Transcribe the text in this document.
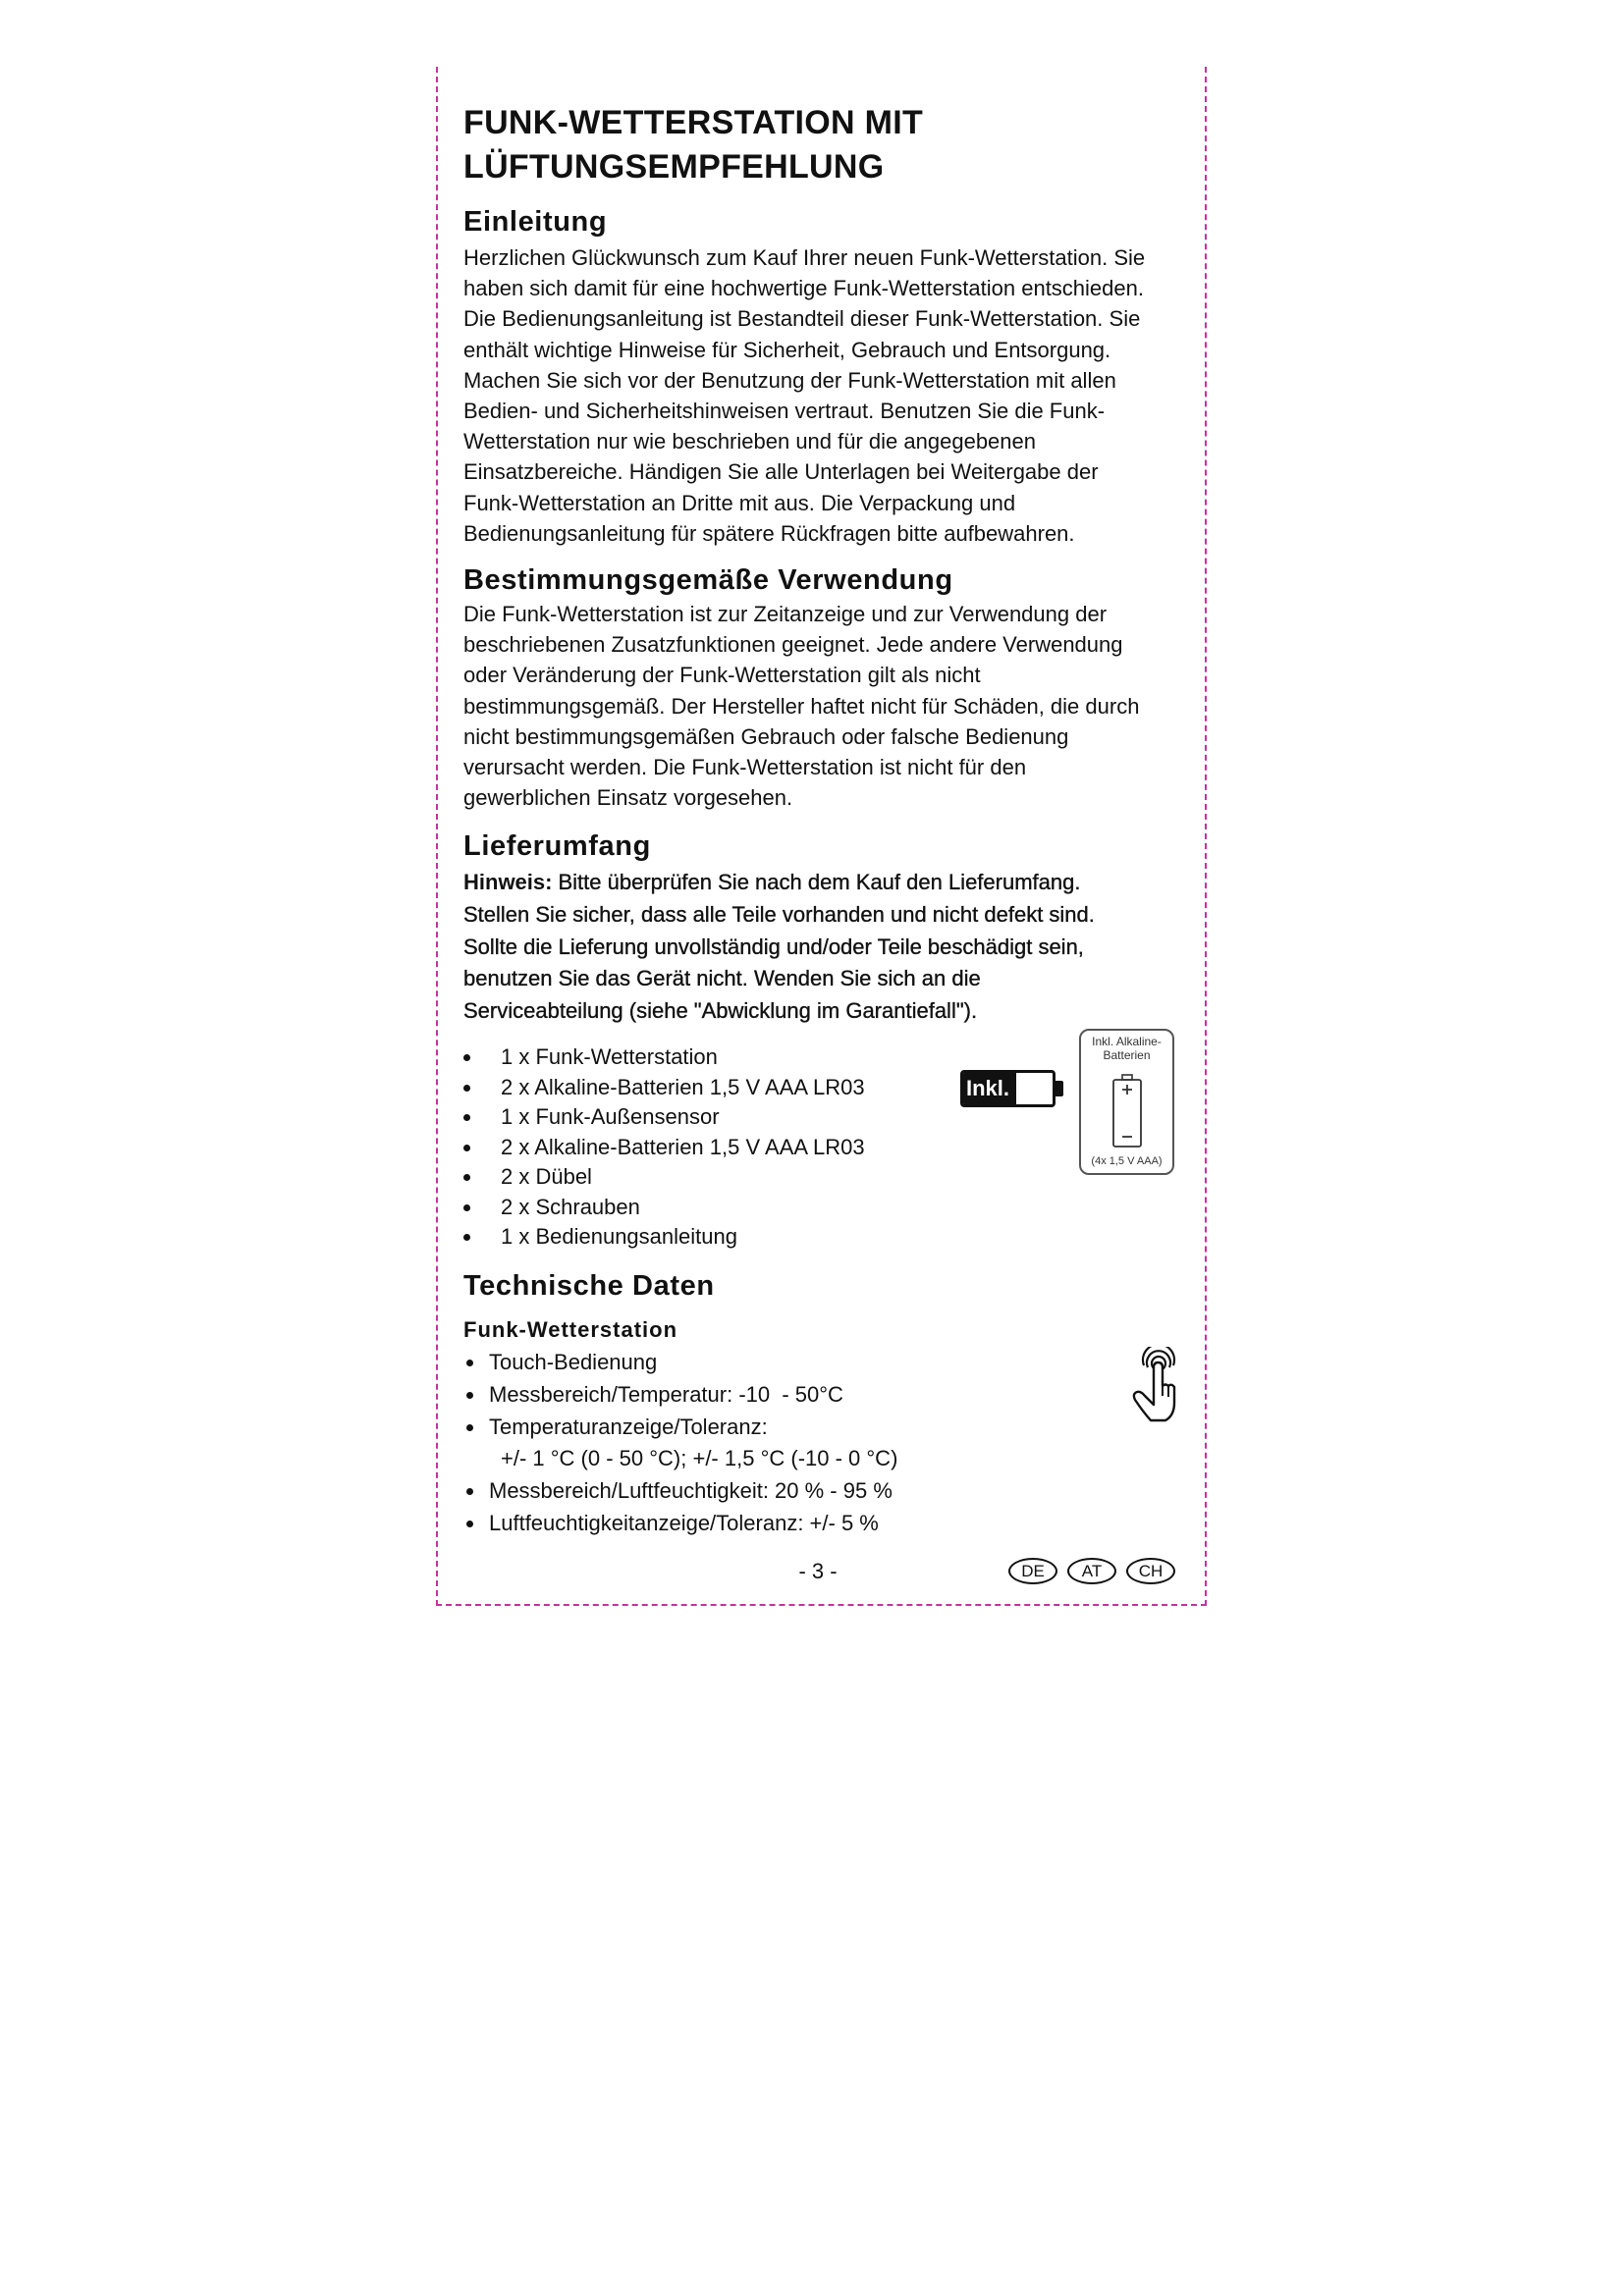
FUNK-WETTERSTATION MIT
LÜFTUNGSEMPFEHLUNG
Einleitung
Herzlichen Glückwunsch zum Kauf Ihrer neuen Funk-Wetterstation. Sie
haben sich damit für eine hochwertige Funk-Wetterstation entschieden.
Die Bedienungsanleitung ist Bestandteil dieser Funk-Wetterstation. Sie
enthält wichtige Hinweise für Sicherheit, Gebrauch und Entsorgung.
Machen Sie sich vor der Benutzung der Funk-Wetterstation mit allen
Bedien- und Sicherheitshinweisen vertraut. Benutzen Sie die Funk-
Wetterstation nur wie beschrieben und für die angegebenen
Einsatzbereiche. Händigen Sie alle Unterlagen bei Weitergabe der
Funk-Wetterstation an Dritte mit aus. Die Verpackung und
Bedienungsanleitung für spätere Rückfragen bitte aufbewahren.
Bestimmungsgemäße Verwendung
Die Funk-Wetterstation ist zur Zeitanzeige und zur Verwendung der
beschriebenen Zusatzfunktionen geeignet. Jede andere Verwendung
oder Veränderung der Funk-Wetterstation gilt als nicht
bestimmungsgemäß. Der Hersteller haftet nicht für Schäden, die durch
nicht bestimmungsgemäßen Gebrauch oder falsche Bedienung
verursacht werden. Die Funk-Wetterstation ist nicht für den
gewerblichen Einsatz vorgesehen.
Lieferumfang
Hinweis: Bitte überprüfen Sie nach dem Kauf den Lieferumfang.
Stellen Sie sicher, dass alle Teile vorhanden und nicht defekt sind.
Sollte die Lieferung unvollständig und/oder Teile beschädigt sein,
benutzen Sie das Gerät nicht. Wenden Sie sich an die
Serviceabteilung (siehe "Abwicklung im Garantiefall").
1 x Funk-Wetterstation
2 x Alkaline-Batterien 1,5 V AAA LR03
1 x Funk-Außensensor
2 x Alkaline-Batterien 1,5 V AAA LR03
2 x Dübel
2 x Schrauben
1 x Bedienungsanleitung
Inkl.
Inkl. Alkaline-
Batterien
(4x 1,5 V AAA)
Technische Daten
Funk-Wetterstation
Touch-Bedienung
Messbereich/Temperatur: -10  - 50°C
Temperaturanzeige/Toleranz:
+/- 1 °C (0 - 50 °C); +/- 1,5 °C (-10 - 0 °C)
Messbereich/Luftfeuchtigkeit: 20 % - 95 %
Luftfeuchtigkeitanzeige/Toleranz: +/- 5 %
- 3 -	DE	AT	CH
